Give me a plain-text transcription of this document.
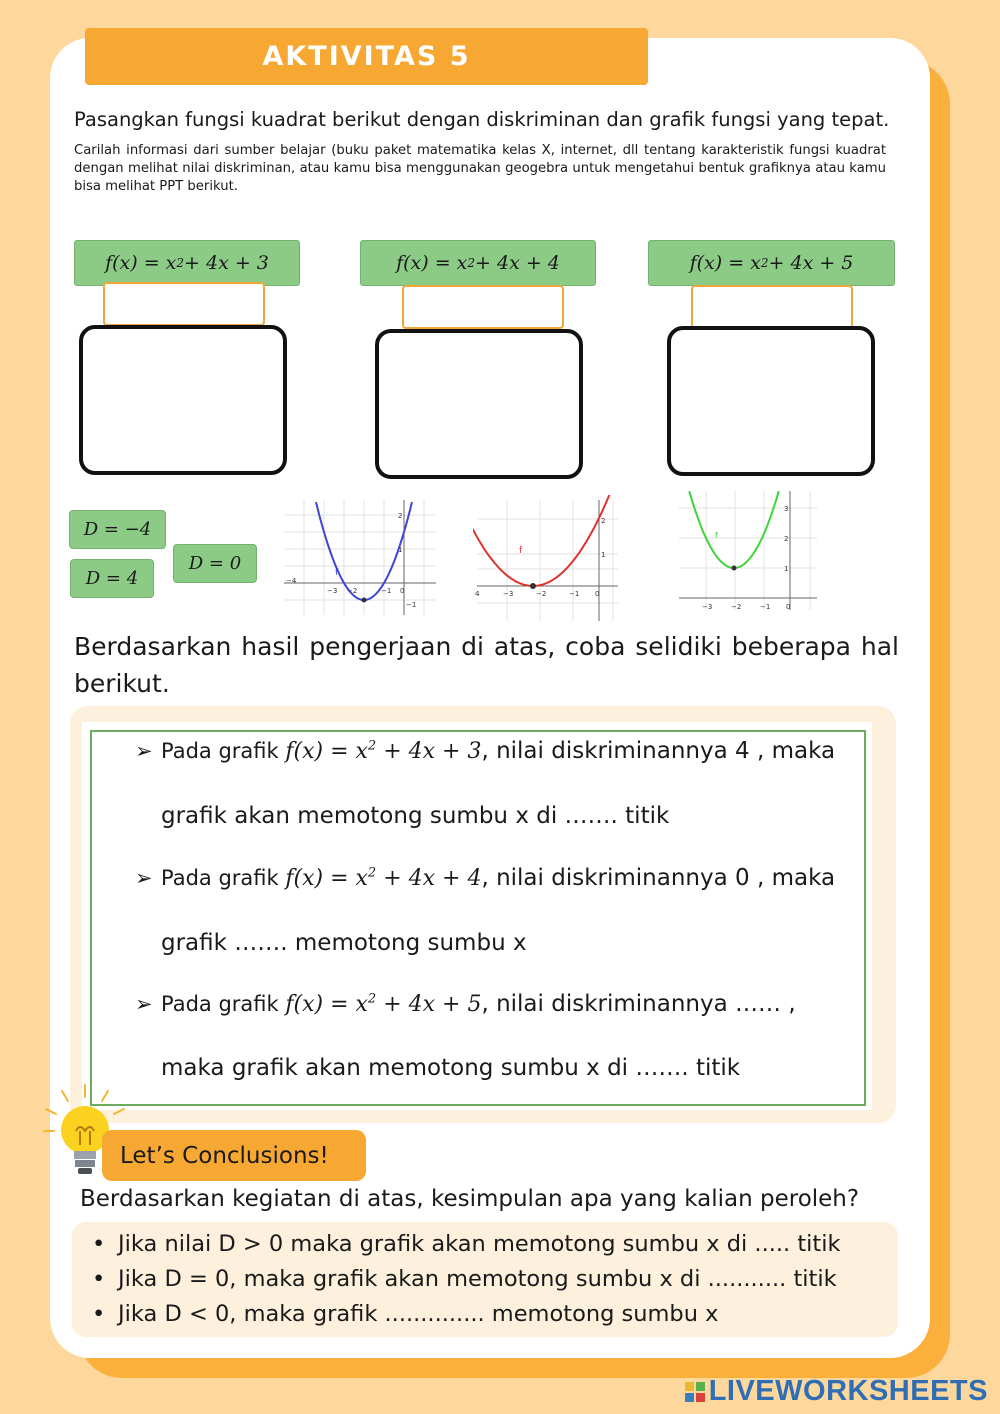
AKTIVITAS 5
Pasangkan fungsi kuadrat berikut dengan diskriminan dan grafik fungsi yang tepat.
Carilah informasi dari sumber belajar (buku paket matematika kelas X, internet, dll tentang karakteristik fungsi kuadrat dengan melihat nilai diskriminan, atau kamu bisa menggunakan geogebra untuk mengetahui bentuk grafiknya atau kamu bisa melihat PPT berikut.
f(x) = x 2 + 4x + 3	f(x) = x 2 + 4x + 4	f(x) = x 2 + 4x + 5
D = −4
D = 4
D = 0	f
−4
−3 −2	−1 0
2
1
−1
f
4	−3	−2	−1 0
2
1
f
−3	−2	−1 0
3
2
1
Berdasarkan hasil pengerjaan di atas, coba selidiki beberapa hal berikut.
➢ Pada grafik $f(x) = x^2 + 4x + 3$, nilai diskriminannya 4 , maka
grafik akan memotong sumbu x di ……. titik
➢ Pada grafik $f(x) = x^2 + 4x + 4$, nilai diskriminannya 0 , maka
grafik ……. memotong sumbu x
➢ Pada grafik $f(x) = x^2 + 4x + 5$, nilai diskriminannya …… ,
maka grafik akan memotong sumbu x di ……. titik
Let’s Conclusions!
Berdasarkan kegiatan di atas, kesimpulan apa yang kalian peroleh?
• Jika nilai D > 0 maka grafik akan memotong sumbu x di ..... titik
• Jika D = 0, maka grafik akan memotong sumbu x di ........... titik
• Jika D < 0, maka grafik .............. memotong sumbu x
LIVEWORKSHEETS
